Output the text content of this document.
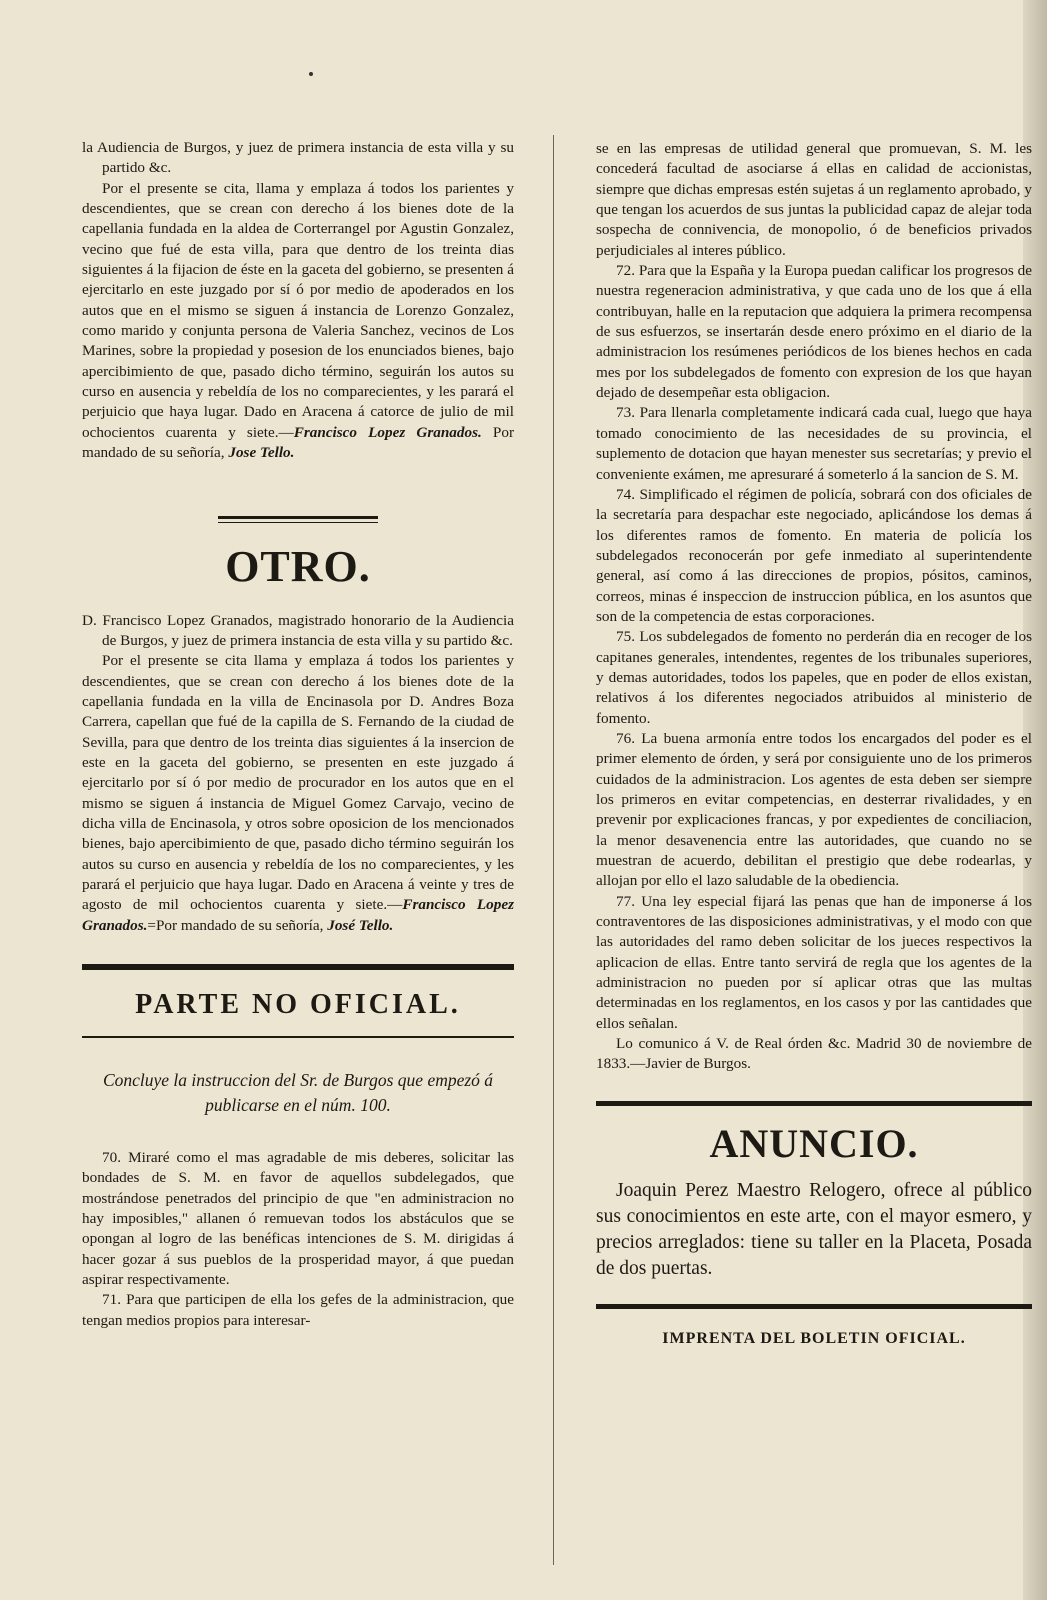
la Audiencia de Burgos, y juez de primera instancia de esta villa y su partido &c.

Por el presente se cita, llama y emplaza á todos los parientes y descendientes, que se crean con derecho á los bienes dote de la capellania fundada en la aldea de Corterrangel por Agustin Gonzalez, vecino que fué de esta villa, para que dentro de los treinta dias siguientes á la fijacion de éste en la gaceta del gobierno, se presenten á ejercitarlo en este juzgado por sí ó por medio de apoderados en los autos que en el mismo se siguen á instancia de Lorenzo Gonzalez, como marido y conjunta persona de Valeria Sanchez, vecinos de Los Marines, sobre la propiedad y posesion de los enunciados bienes, bajo apercibimiento de que, pasado dicho término, seguirán los autos su curso en ausencia y rebeldía de los no comparecientes, y les parará el perjuicio que haya lugar. Dado en Aracena á catorce de julio de mil ochocientos cuarenta y siete.—Francisco Lopez Granados. Por mandado de su señoría, Jose Tello.

OTRO.

D. Francisco Lopez Granados, magistrado honorario de la Audiencia de Burgos, y juez de primera instancia de esta villa y su partido &c.

Por el presente se cita llama y emplaza á todos los parientes y descendientes, que se crean con derecho á los bienes dote de la capellania fundada en la villa de Encinasola por D. Andres Boza Carrera, capellan que fué de la capilla de S. Fernando de la ciudad de Sevilla, para que dentro de los treinta dias siguientes á la insercion de este en la gaceta del gobierno, se presenten en este juzgado á ejercitarlo por sí ó por medio de procurador en los autos que en el mismo se siguen á instancia de Miguel Gomez Carvajo, vecino de dicha villa de Encinasola, y otros sobre oposicion de los mencionados bienes, bajo apercibimiento de que, pasado dicho término seguirán los autos su curso en ausencia y rebeldía de los no comparecientes, y les parará el perjuicio que haya lugar. Dado en Aracena á veinte y tres de agosto de mil ochocientos cuarenta y siete.—Francisco Lopez Granados.=Por mandado de su señoría, José Tello.

PARTE NO OFICIAL.

Concluye la instruccion del Sr. de Burgos que empezó á publicarse en el núm. 100.

70. Miraré como el mas agradable de mis deberes, solicitar las bondades de S. M. en favor de aquellos subdelegados, que mostrándose penetrados del principio de que "en administracion no hay imposibles," allanen ó remuevan todos los abstáculos que se opongan al logro de las benéficas intenciones de S. M. dirigidas á hacer gozar á sus pueblos de la prosperidad mayor, á que puedan aspirar respectivamente.

71. Para que participen de ella los gefes de la administracion, que tengan medios propios para interesar-

se en las empresas de utilidad general que promuevan, S. M. les concederá facultad de asociarse á ellas en calidad de accionistas, siempre que dichas empresas estén sujetas á un reglamento aprobado, y que tengan los acuerdos de sus juntas la publicidad capaz de alejar toda sospecha de connivencia, de monopolio, ó de beneficios privados perjudiciales al interes público.

72. Para que la España y la Europa puedan calificar los progresos de nuestra regeneracion administrativa, y que cada uno de los que á ella contribuyan, halle en la reputacion que adquiera la primera recompensa de sus esfuerzos, se insertarán desde enero próximo en el diario de la administracion los resúmenes periódicos de los bienes hechos en cada mes por los subdelegados de fomento con expresion de los que hayan dejado de desempeñar esta obligacion.

73. Para llenarla completamente indicará cada cual, luego que haya tomado conocimiento de las necesidades de su provincia, el suplemento de dotacion que hayan menester sus secretarías; y previo el conveniente exámen, me apresuraré á someterlo á la sancion de S. M.

74. Simplificado el régimen de policía, sobrará con dos oficiales de la secretaría para despachar este negociado, aplicándose los demas á los diferentes ramos de fomento. En materia de policía los subdelegados reconocerán por gefe inmediato al superintendente general, así como á las direcciones de propios, pósitos, caminos, correos, minas é inspeccion de instruccion pública, en los asuntos que son de la competencia de estas corporaciones.

75. Los subdelegados de fomento no perderán dia en recoger de los capitanes generales, intendentes, regentes de los tribunales superiores, y demas autoridades, todos los papeles, que en poder de ellos existan, relativos á los diferentes negociados atribuidos al ministerio de fomento.

76. La buena armonía entre todos los encargados del poder es el primer elemento de órden, y será por consiguiente uno de los primeros cuidados de la administracion. Los agentes de esta deben ser siempre los primeros en evitar competencias, en desterrar rivalidades, y en prevenir por explicaciones francas, y por expedientes de conciliacion, la menor desavenencia entre las autoridades, que cuando no se muestran de acuerdo, debilitan el prestigio que debe rodearlas, y allojan por ello el lazo saludable de la obediencia.

77. Una ley especial fijará las penas que han de imponerse á los contraventores de las disposiciones administrativas, y el modo con que las autoridades del ramo deben solicitar de los jueces respectivos la aplicacion de ellas. Entre tanto servirá de regla que los agentes de la administracion no pueden por sí aplicar otras que las multas determinadas en los reglamentos, en los casos y por las cantidades que ellos señalan.

Lo comunico á V. de Real órden &c. Madrid 30 de noviembre de 1833.—Javier de Burgos.

ANUNCIO.

Joaquin Perez Maestro Relogero, ofrece al público sus conocimientos en este arte, con el mayor esmero, y precios arreglados: tiene su taller en la Placeta, Posada de dos puertas.

IMPRENTA DEL BOLETIN OFICIAL.
